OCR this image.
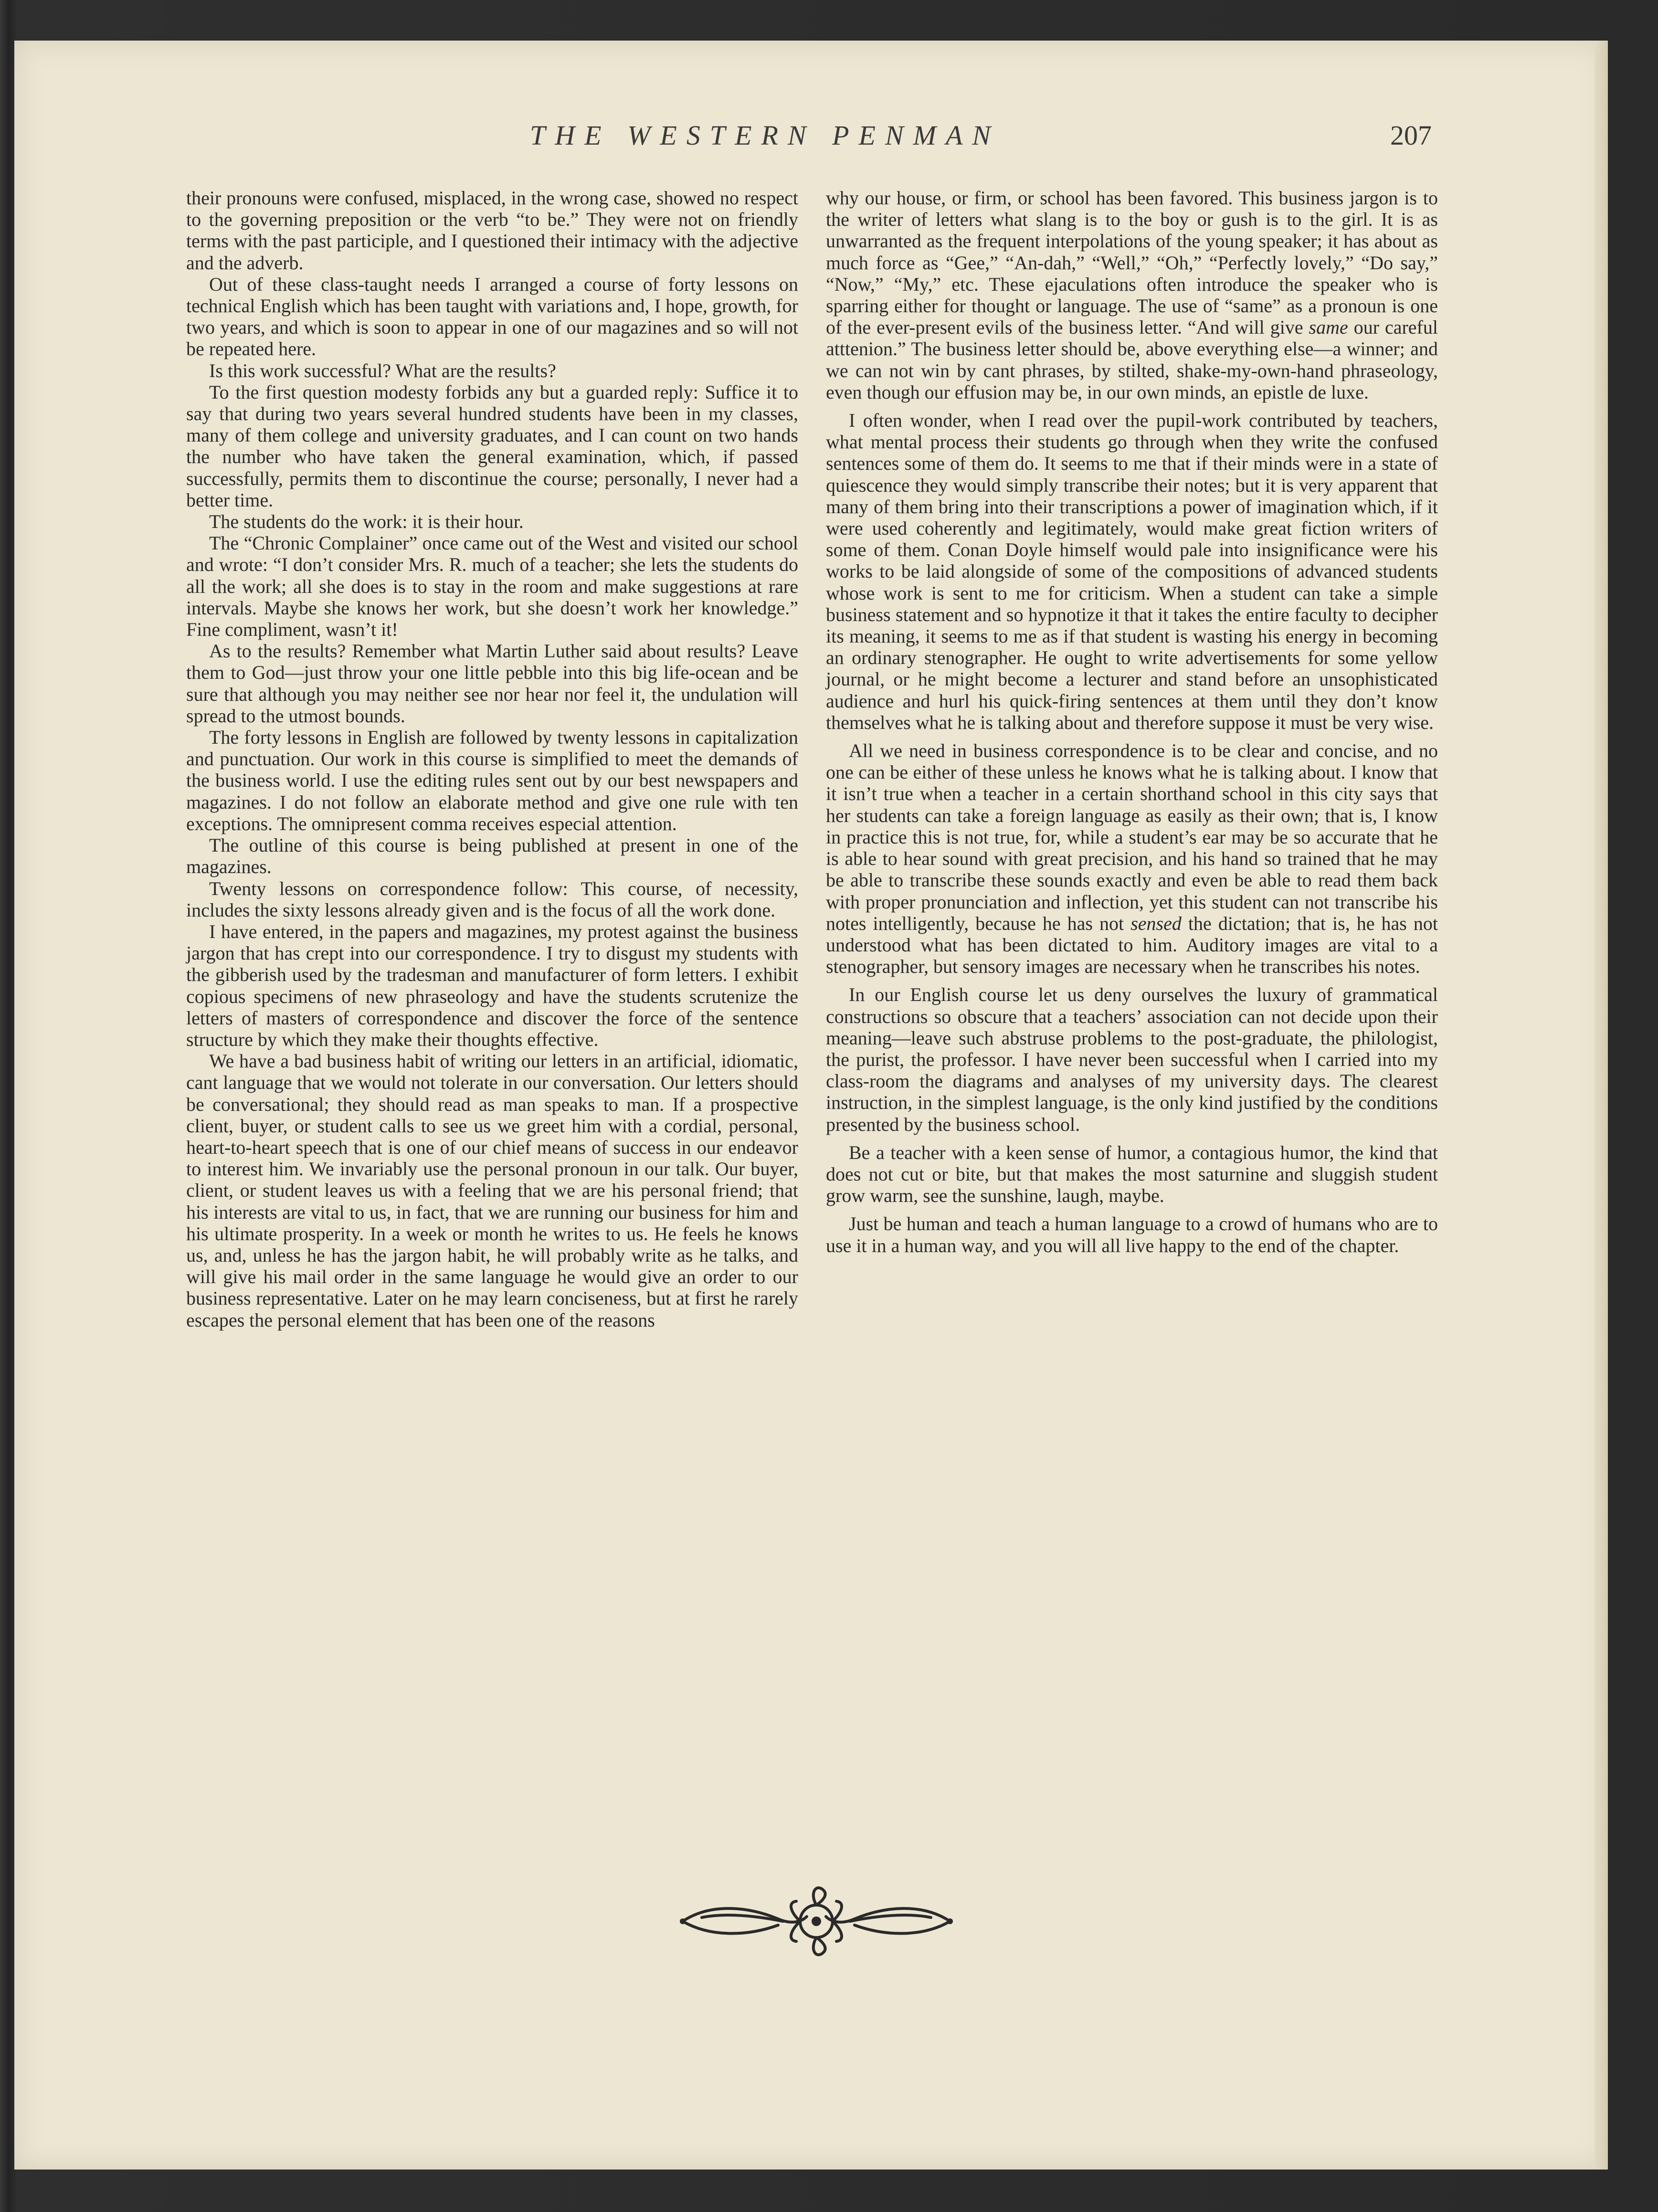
THE WESTERN PENMAN	207

their pronouns were confused, misplaced, in the wrong case, showed no respect to the governing preposition or the verb “to be.” They were not on friendly terms with the past participle, and I questioned their intimacy with the adjective and the adverb.

Out of these class-taught needs I arranged a course of forty lessons on technical English which has been taught with variations and, I hope, growth, for two years, and which is soon to appear in one of our magazines and so will not be repeated here.

Is this work successful? What are the results?

To the first question modesty forbids any but a guarded reply: Suffice it to say that during two years several hundred students have been in my classes, many of them college and university graduates, and I can count on two hands the number who have taken the general examination, which, if passed successfully, permits them to discontinue the course; personally, I never had a better time.

The students do the work: it is their hour.

The “Chronic Complainer” once came out of the West and visited our school and wrote: “I don’t consider Mrs. R. much of a teacher; she lets the students do all the work; all she does is to stay in the room and make suggestions at rare intervals. Maybe she knows her work, but she doesn’t work her knowledge.” Fine compliment, wasn’t it!

As to the results? Remember what Martin Luther said about results? Leave them to God—just throw your one little pebble into this big life-ocean and be sure that although you may neither see nor hear nor feel it, the undulation will spread to the utmost bounds.

The forty lessons in English are followed by twenty lessons in capitalization and punctuation. Our work in this course is simplified to meet the demands of the business world. I use the editing rules sent out by our best newspapers and magazines. I do not follow an elaborate method and give one rule with ten exceptions. The omnipresent comma receives especial attention.

The outline of this course is being published at present in one of the magazines.

Twenty lessons on correspondence follow: This course, of necessity, includes the sixty lessons already given and is the focus of all the work done.

I have entered, in the papers and magazines, my protest against the business jargon that has crept into our correspondence. I try to disgust my students with the gibberish used by the tradesman and manufacturer of form letters. I exhibit copious specimens of new phraseology and have the students scrutenize the letters of masters of correspondence and discover the force of the sentence structure by which they make their thoughts effective.

We have a bad business habit of writing our letters in an artificial, idiomatic, cant language that we would not tolerate in our conversation. Our letters should be conversational; they should read as man speaks to man. If a prospective client, buyer, or student calls to see us we greet him with a cordial, personal, heart-to-heart speech that is one of our chief means of success in our endeavor to interest him. We invariably use the personal pronoun in our talk. Our buyer, client, or student leaves us with a feeling that we are his personal friend; that his interests are vital to us, in fact, that we are running our business for him and his ultimate prosperity. In a week or month he writes to us. He feels he knows us, and, unless he has the jargon habit, he will probably write as he talks, and will give his mail order in the same language he would give an order to our business representative. Later on he may learn conciseness, but at first he rarely escapes the personal element that has been one of the reasons

why our house, or firm, or school has been favored. This business jargon is to the writer of letters what slang is to the boy or gush is to the girl. It is as unwarranted as the frequent interpolations of the young speaker; it has about as much force as “Gee,” “An-dah,” “Well,” “Oh,” “Perfectly lovely,” “Do say,” “Now,” “My,” etc. These ejaculations often introduce the speaker who is sparring either for thought or language. The use of “same” as a pronoun is one of the ever-present evils of the business letter. “And will give same our careful atttenion.” The business letter should be, above everything else—a winner; and we can not win by cant phrases, by stilted, shake-my-own-hand phraseology, even though our effusion may be, in our own minds, an epistle de luxe.

I often wonder, when I read over the pupil-work contributed by teachers, what mental process their students go through when they write the confused sentences some of them do. It seems to me that if their minds were in a state of quiescence they would simply transcribe their notes; but it is very apparent that many of them bring into their transcriptions a power of imagination which, if it were used coherently and legitimately, would make great fiction writers of some of them. Conan Doyle himself would pale into insignificance were his works to be laid alongside of some of the compositions of advanced students whose work is sent to me for criticism. When a student can take a simple business statement and so hypnotize it that it takes the entire faculty to decipher its meaning, it seems to me as if that student is wasting his energy in becoming an ordinary stenographer. He ought to write advertisements for some yellow journal, or he might become a lecturer and stand before an unsophisticated audience and hurl his quick-firing sentences at them until they don’t know themselves what he is talking about and therefore suppose it must be very wise.

All we need in business correspondence is to be clear and concise, and no one can be either of these unless he knows what he is talking about. I know that it isn’t true when a teacher in a certain shorthand school in this city says that her students can take a foreign language as easily as their own; that is, I know in practice this is not true, for, while a student’s ear may be so accurate that he is able to hear sound with great precision, and his hand so trained that he may be able to transcribe these sounds exactly and even be able to read them back with proper pronunciation and inflection, yet this student can not transcribe his notes intelligently, because he has not sensed the dictation; that is, he has not understood what has been dictated to him. Auditory images are vital to a stenographer, but sensory images are necessary when he transcribes his notes.

In our English course let us deny ourselves the luxury of grammatical constructions so obscure that a teachers’ association can not decide upon their meaning—leave such abstruse problems to the post-graduate, the philologist, the purist, the professor. I have never been successful when I carried into my class-room the diagrams and analyses of my university days. The clearest instruction, in the simplest language, is the only kind justified by the conditions presented by the business school.

Be a teacher with a keen sense of humor, a contagious humor, the kind that does not cut or bite, but that makes the most saturnine and sluggish student grow warm, see the sunshine, laugh, maybe.

Just be human and teach a human language to a crowd of humans who are to use it in a human way, and you will all live happy to the end of the chapter.
